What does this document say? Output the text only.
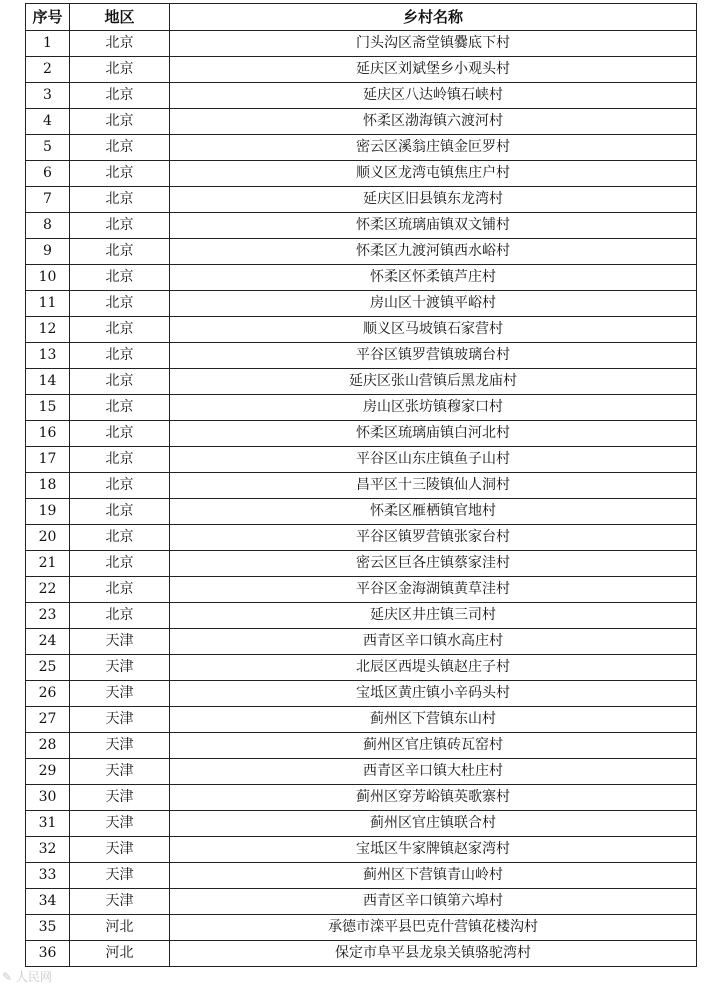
序号	地区	乡村名称
1	北京	门头沟区斋堂镇爨底下村
2	北京	延庆区刘斌堡乡小观头村
3	北京	延庆区八达岭镇石峡村
4	北京	怀柔区渤海镇六渡河村
5	北京	密云区溪翁庄镇金叵罗村
6	北京	顺义区龙湾屯镇焦庄户村
7	北京	延庆区旧县镇东龙湾村
8	北京	怀柔区琉璃庙镇双文铺村
9	北京	怀柔区九渡河镇西水峪村
10	北京	怀柔区怀柔镇芦庄村
11	北京	房山区十渡镇平峪村
12	北京	顺义区马坡镇石家营村
13	北京	平谷区镇罗营镇玻璃台村
14	北京	延庆区张山营镇后黑龙庙村
15	北京	房山区张坊镇穆家口村
16	北京	怀柔区琉璃庙镇白河北村
17	北京	平谷区山东庄镇鱼子山村
18	北京	昌平区十三陵镇仙人洞村
19	北京	怀柔区雁栖镇官地村
20	北京	平谷区镇罗营镇张家台村
21	北京	密云区巨各庄镇蔡家洼村
22	北京	平谷区金海湖镇黄草洼村
23	北京	延庆区井庄镇三司村
24	天津	西青区辛口镇水高庄村
25	天津	北辰区西堤头镇赵庄子村
26	天津	宝坻区黄庄镇小辛码头村
27	天津	蓟州区下营镇东山村
28	天津	蓟州区官庄镇砖瓦窑村
29	天津	西青区辛口镇大杜庄村
30	天津	蓟州区穿芳峪镇英歌寨村
31	天津	蓟州区官庄镇联合村
32	天津	宝坻区牛家牌镇赵家湾村
33	天津	蓟州区下营镇青山岭村
34	天津	西青区辛口镇第六埠村
35	河北	承德市滦平县巴克什营镇花楼沟村
36	河北	保定市阜平县龙泉关镇骆驼湾村
✎ 人民网
